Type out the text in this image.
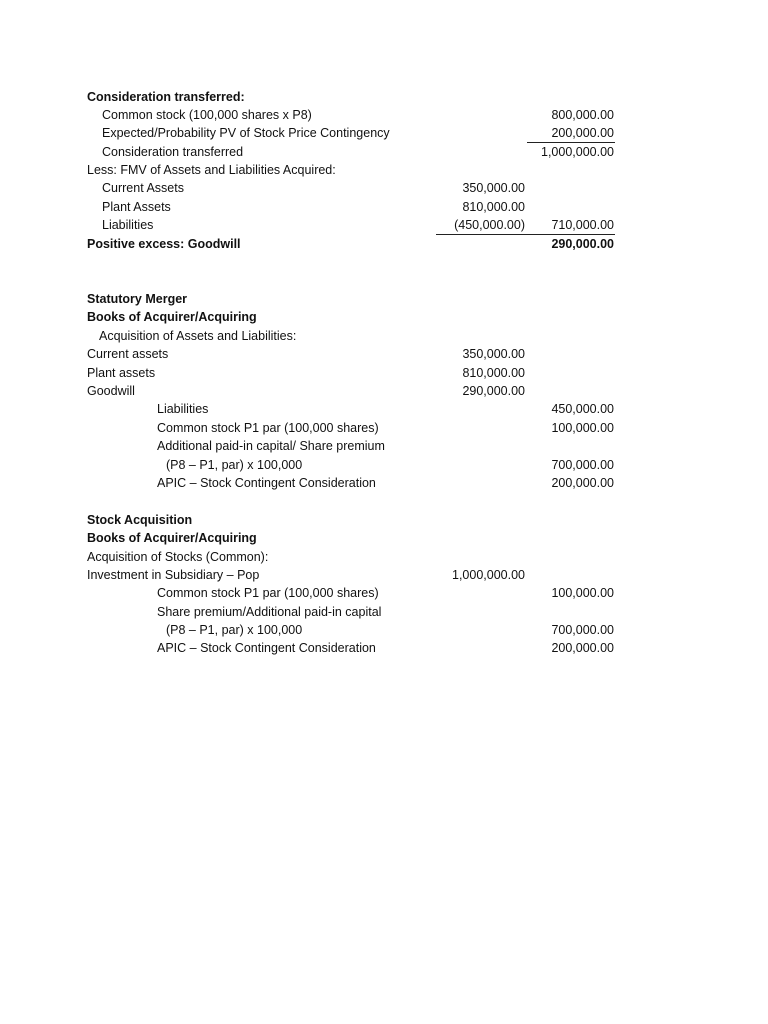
Consideration transferred:
Common stock (100,000 shares x P8)	800,000.00
Expected/Probability PV of Stock Price Contingency	200,000.00
Consideration transferred	1,000,000.00
Less: FMV of Assets and Liabilities Acquired:
Current Assets	350,000.00
Plant Assets	810,000.00
Liabilities	(450,000.00)	710,000.00
Positive excess: Goodwill	290,000.00
Statutory Merger
Books of Acquirer/Acquiring
Acquisition of Assets and Liabilities:
Current assets	350,000.00
Plant assets	810,000.00
Goodwill	290,000.00
Liabilities	450,000.00
Common stock P1 par (100,000 shares)	100,000.00
Additional paid-in capital/ Share premium
(P8 – P1, par) x 100,000	700,000.00
APIC – Stock Contingent Consideration	200,000.00
Stock Acquisition
Books of Acquirer/Acquiring
Acquisition of Stocks (Common):
Investment in Subsidiary – Pop	1,000,000.00
Common stock P1 par (100,000 shares)	100,000.00
Share premium/Additional paid-in capital
(P8 – P1, par) x 100,000	700,000.00
APIC – Stock Contingent Consideration	200,000.00
